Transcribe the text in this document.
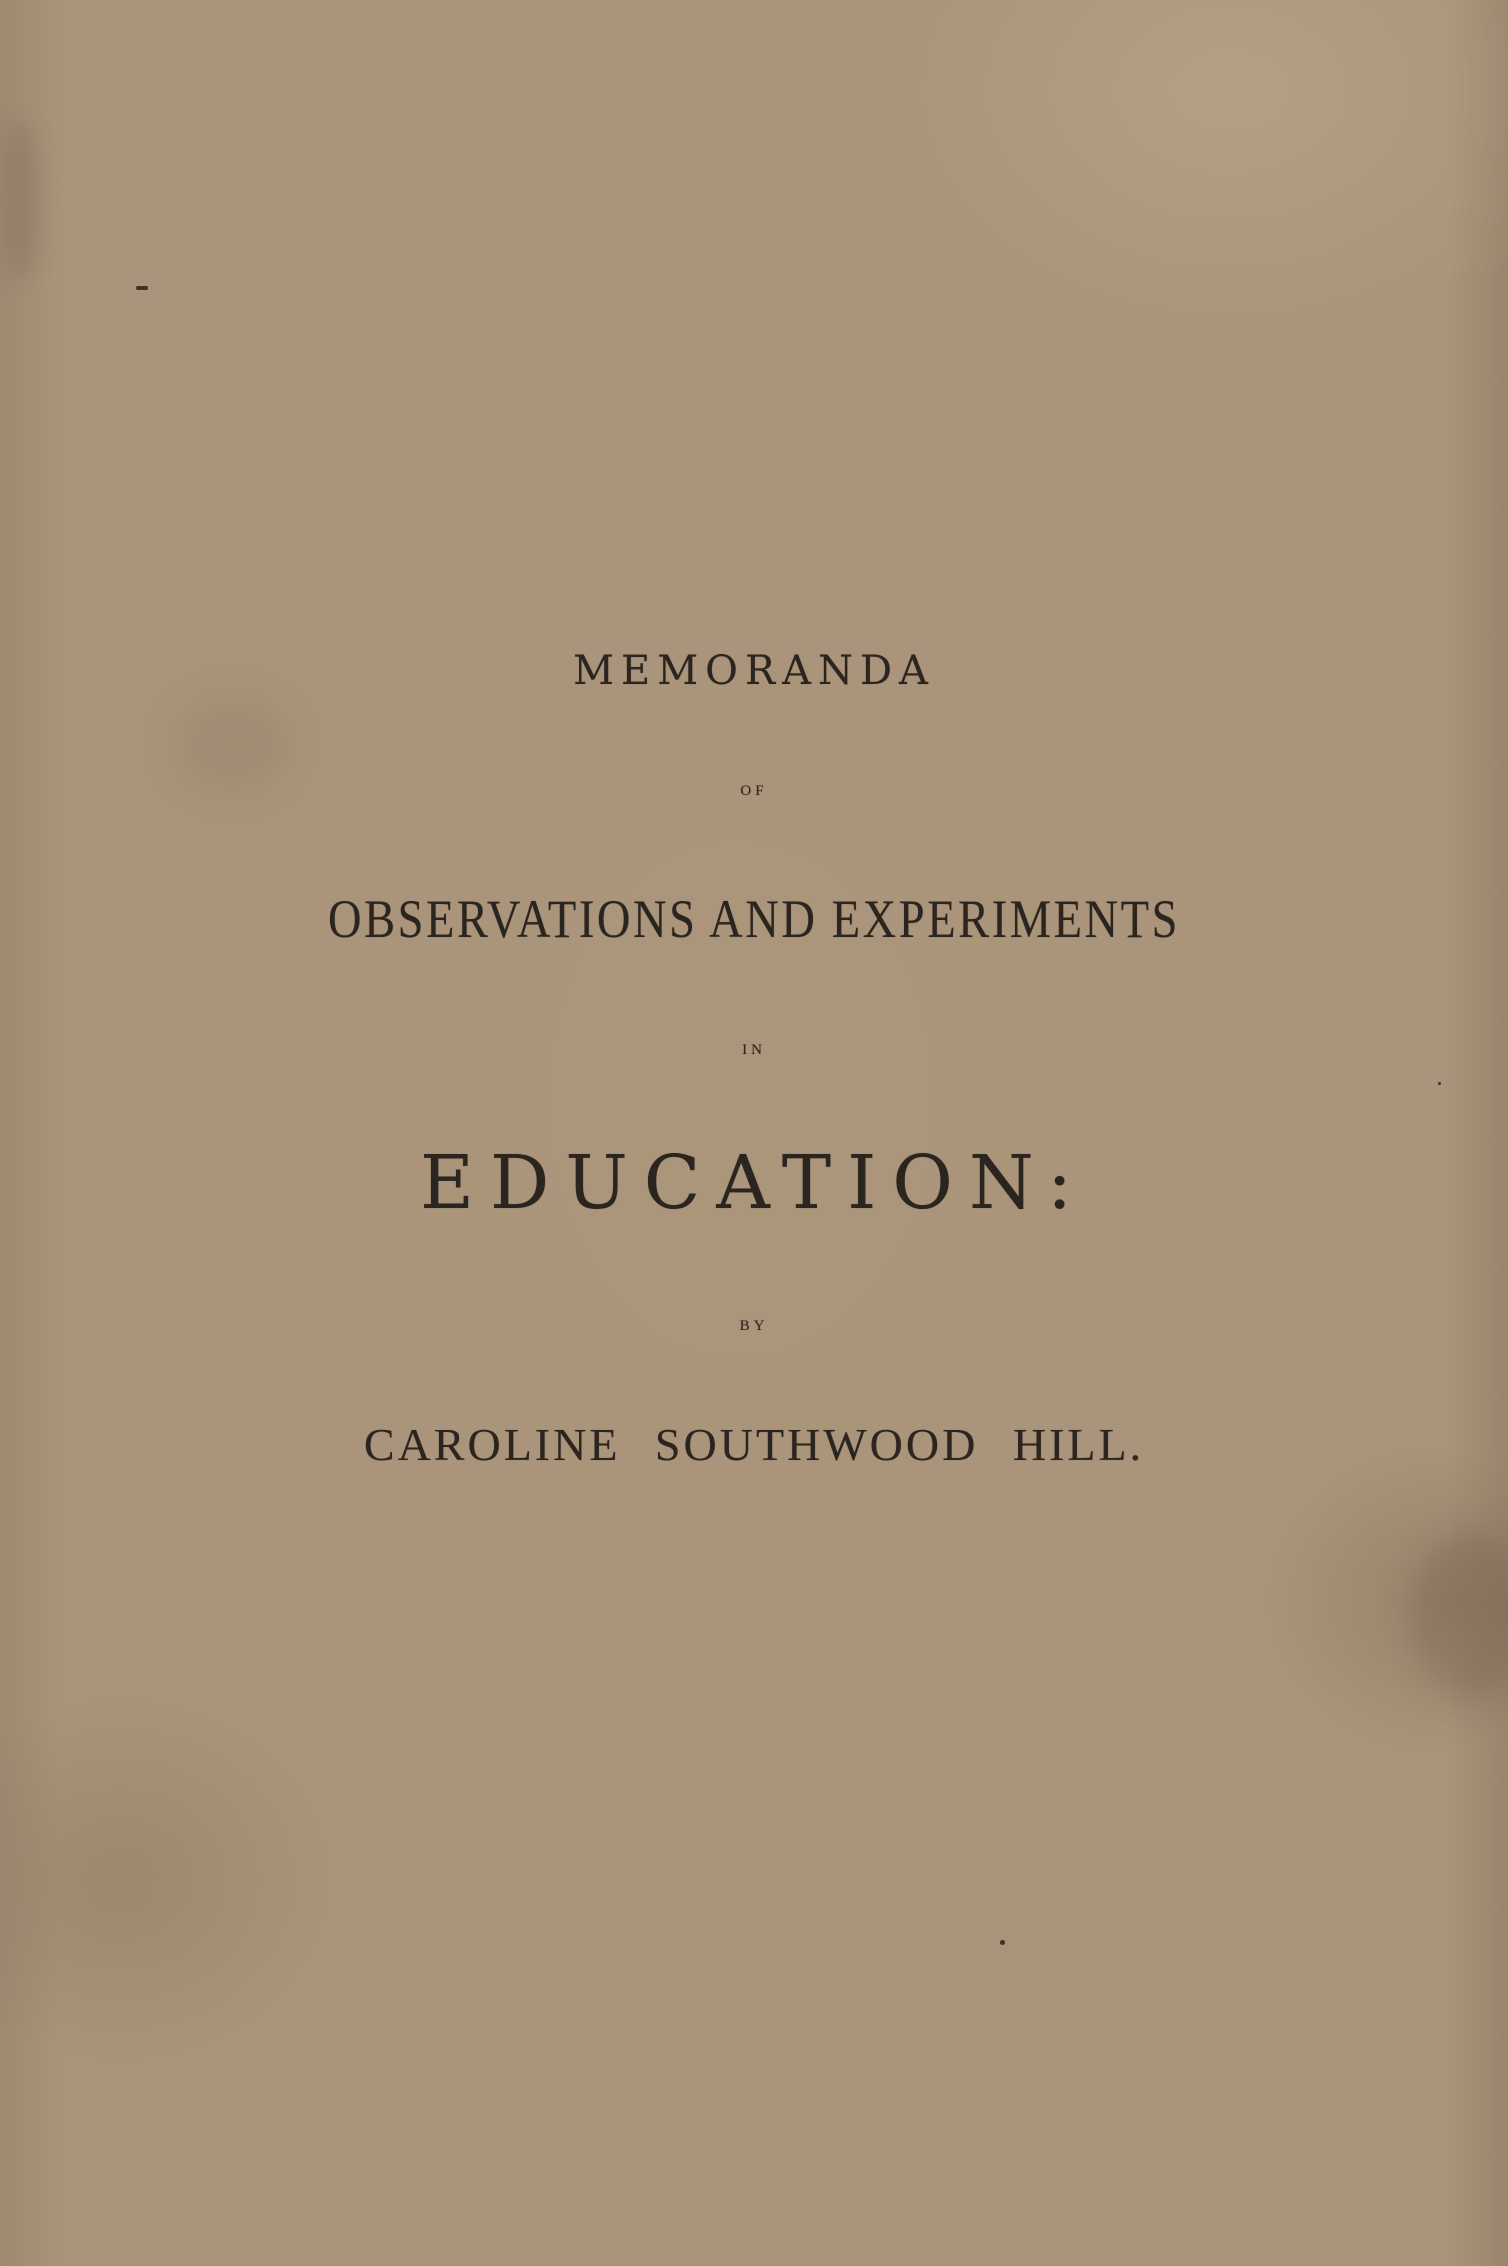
MEMORANDA
OF
OBSERVATIONS AND EXPERIMENTS
IN
EDUCATION:
BY
CAROLINE SOUTHWOOD HILL.
